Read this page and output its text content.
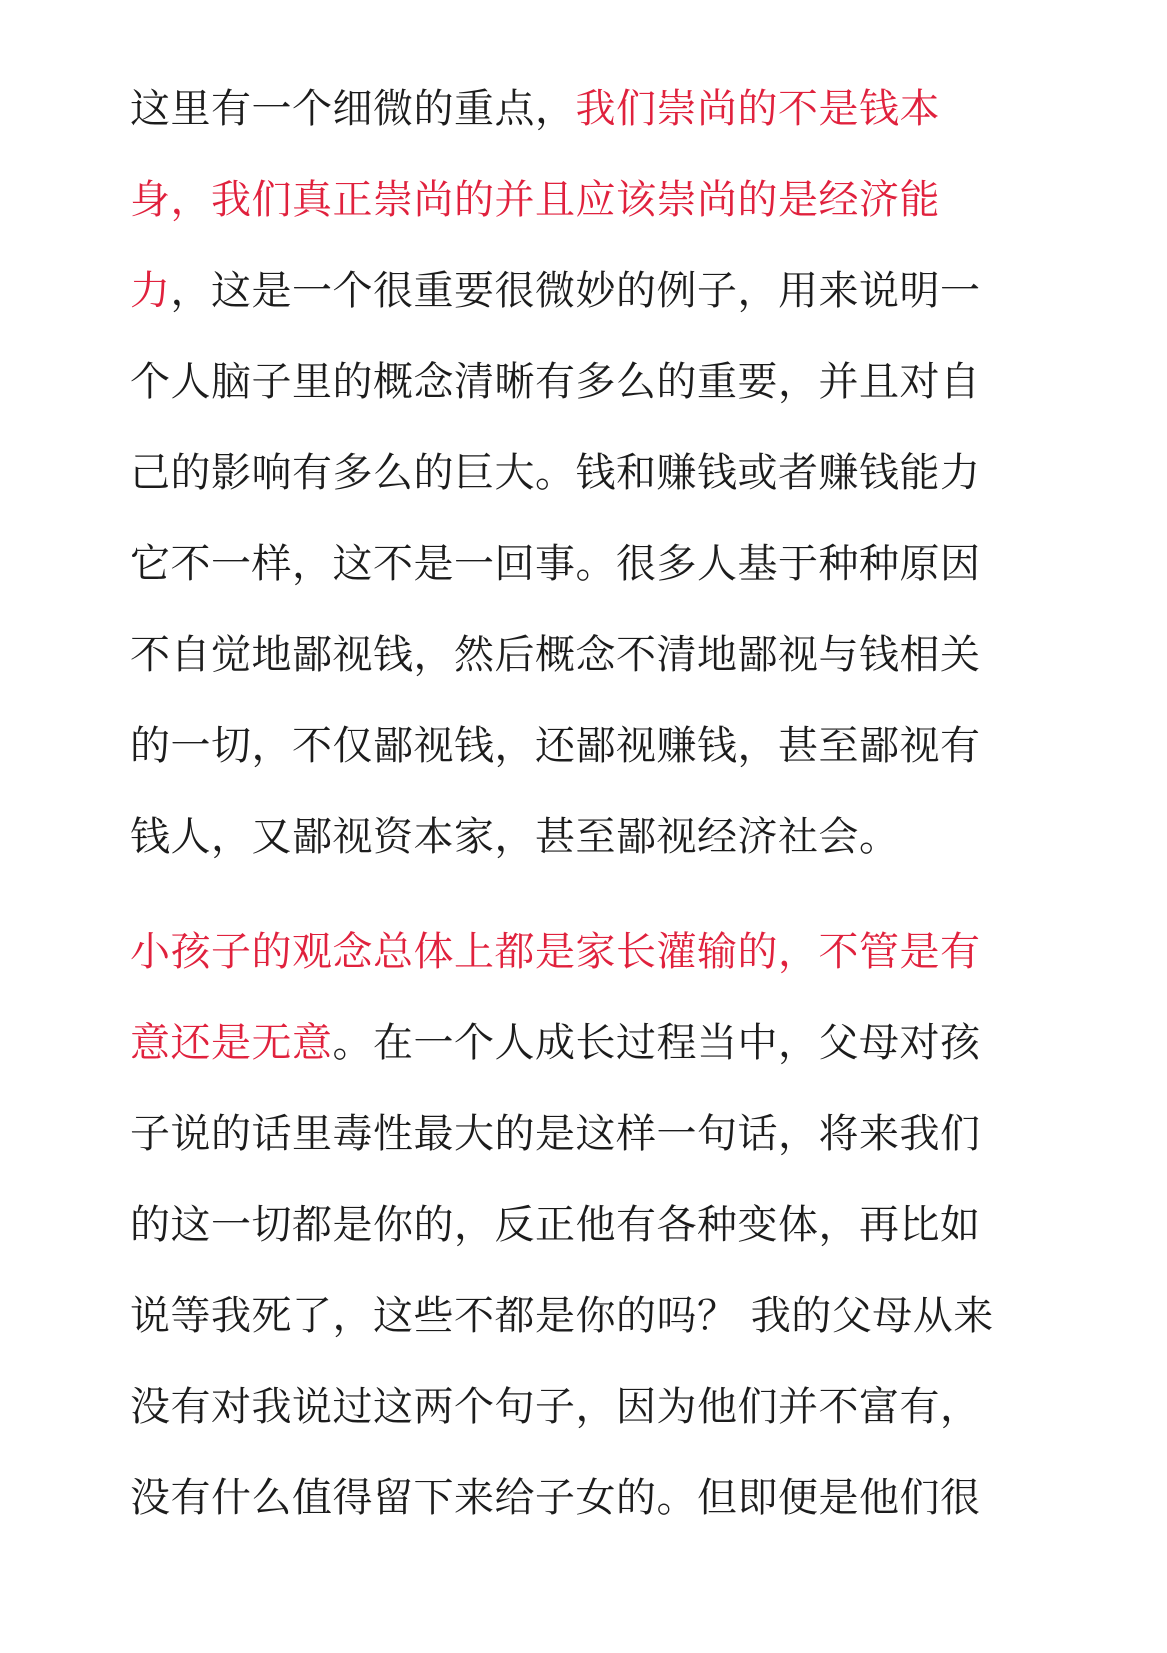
这里有一个细微的重点，我们崇尚的不是钱本
身，我们真正崇尚的并且应该崇尚的是经济能
力，这是一个很重要很微妙的例子，用来说明一
个人脑子里的概念清晰有多么的重要，并且对自
己的影响有多么的巨大。钱和赚钱或者赚钱能力
它不一样，这不是一回事。很多人基于种种原因
不自觉地鄙视钱，然后概念不清地鄙视与钱相关
的一切，不仅鄙视钱，还鄙视赚钱，甚至鄙视有
钱人，又鄙视资本家，甚至鄙视经济社会。
小孩子的观念总体上都是家长灌输的，不管是有
意还是无意。在一个人成长过程当中，父母对孩
子说的话里毒性最大的是这样一句话，将来我们
的这一切都是你的，反正他有各种变体，再比如
说等我死了，这些不都是你的吗？ 我的父母从来
没有对我说过这两个句子，因为他们并不富有，
没有什么值得留下来给子女的。但即便是他们很
